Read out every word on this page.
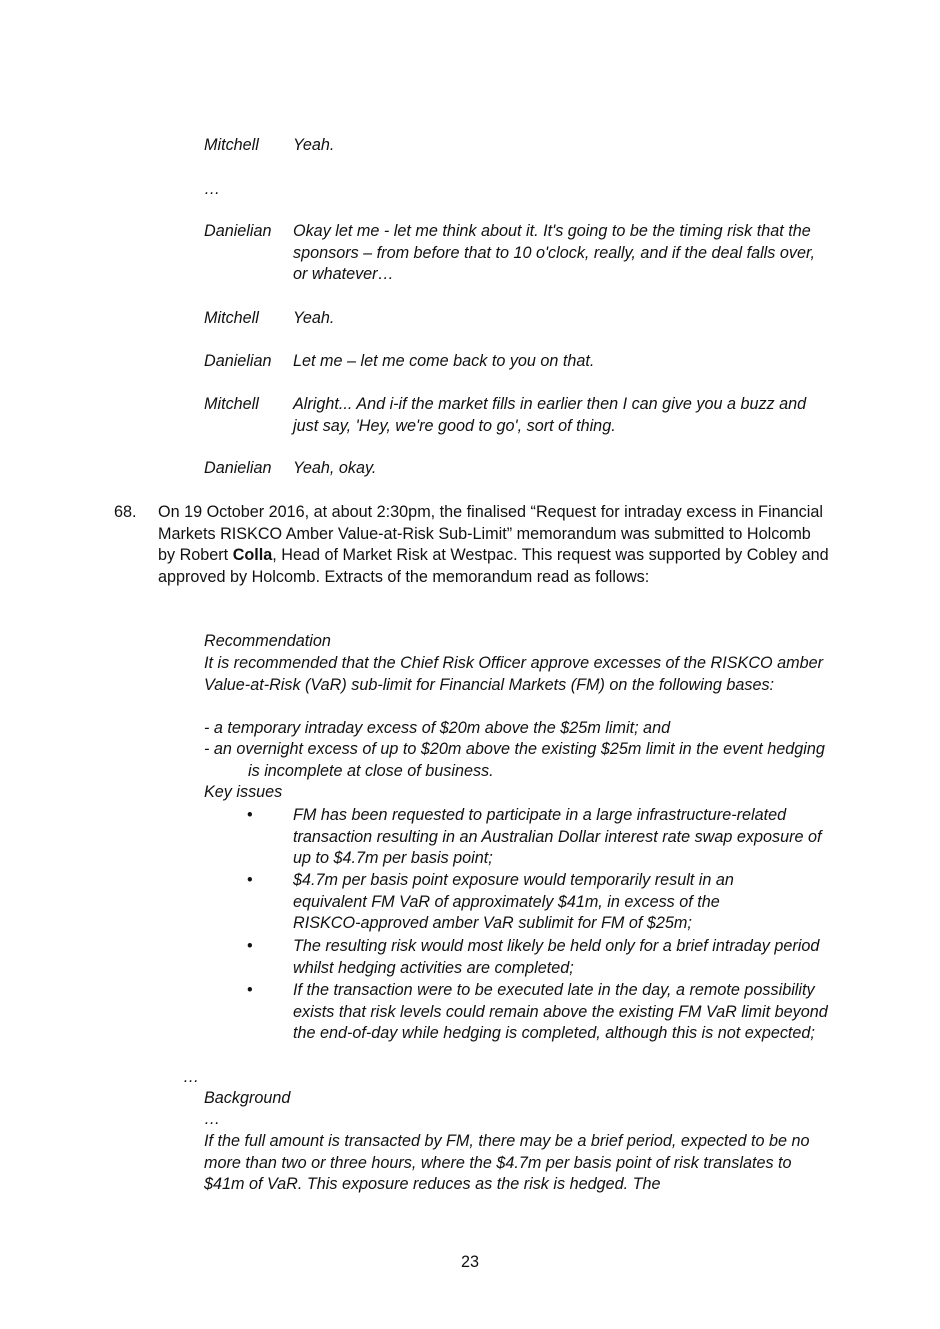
Mitchell Yeah.
…
Danielian Okay let me - let me think about it. It's going to be the timing risk that the sponsors – from before that to 10 o'clock, really, and if the deal falls over, or whatever…
Mitchell Yeah.
Danielian Let me – let me come back to you on that.
Mitchell Alright... And i-if the market fills in earlier then I can give you a buzz and just say, 'Hey, we're good to go', sort of thing.
Danielian Yeah, okay.
68. On 19 October 2016, at about 2:30pm, the finalised “Request for intraday excess in Financial Markets RISKCO Amber Value-at-Risk Sub-Limit” memorandum was submitted to Holcomb by Robert Colla, Head of Market Risk at Westpac. This request was supported by Cobley and approved by Holcomb. Extracts of the memorandum read as follows:
Recommendation
It is recommended that the Chief Risk Officer approve excesses of the RISKCO amber Value-at-Risk (VaR) sub-limit for Financial Markets (FM) on the following bases:
- a temporary intraday excess of $20m above the $25m limit; and
- an overnight excess of up to $20m above the existing $25m limit in the event hedging is incomplete at close of business.
Key issues
• FM has been requested to participate in a large infrastructure-related transaction resulting in an Australian Dollar interest rate swap exposure of up to $4.7m per basis point;
• $4.7m per basis point exposure would temporarily result in an equivalent FM VaR of approximately $41m, in excess of the RISKCO-approved amber VaR sublimit for FM of $25m;
• The resulting risk would most likely be held only for a brief intraday period whilst hedging activities are completed;
• If the transaction were to be executed late in the day, a remote possibility exists that risk levels could remain above the existing FM VaR limit beyond the end-of-day while hedging is completed, although this is not expected;
…
Background
…
If the full amount is transacted by FM, there may be a brief period, expected to be no more than two or three hours, where the $4.7m per basis point of risk translates to $41m of VaR. This exposure reduces as the risk is hedged. The
23
